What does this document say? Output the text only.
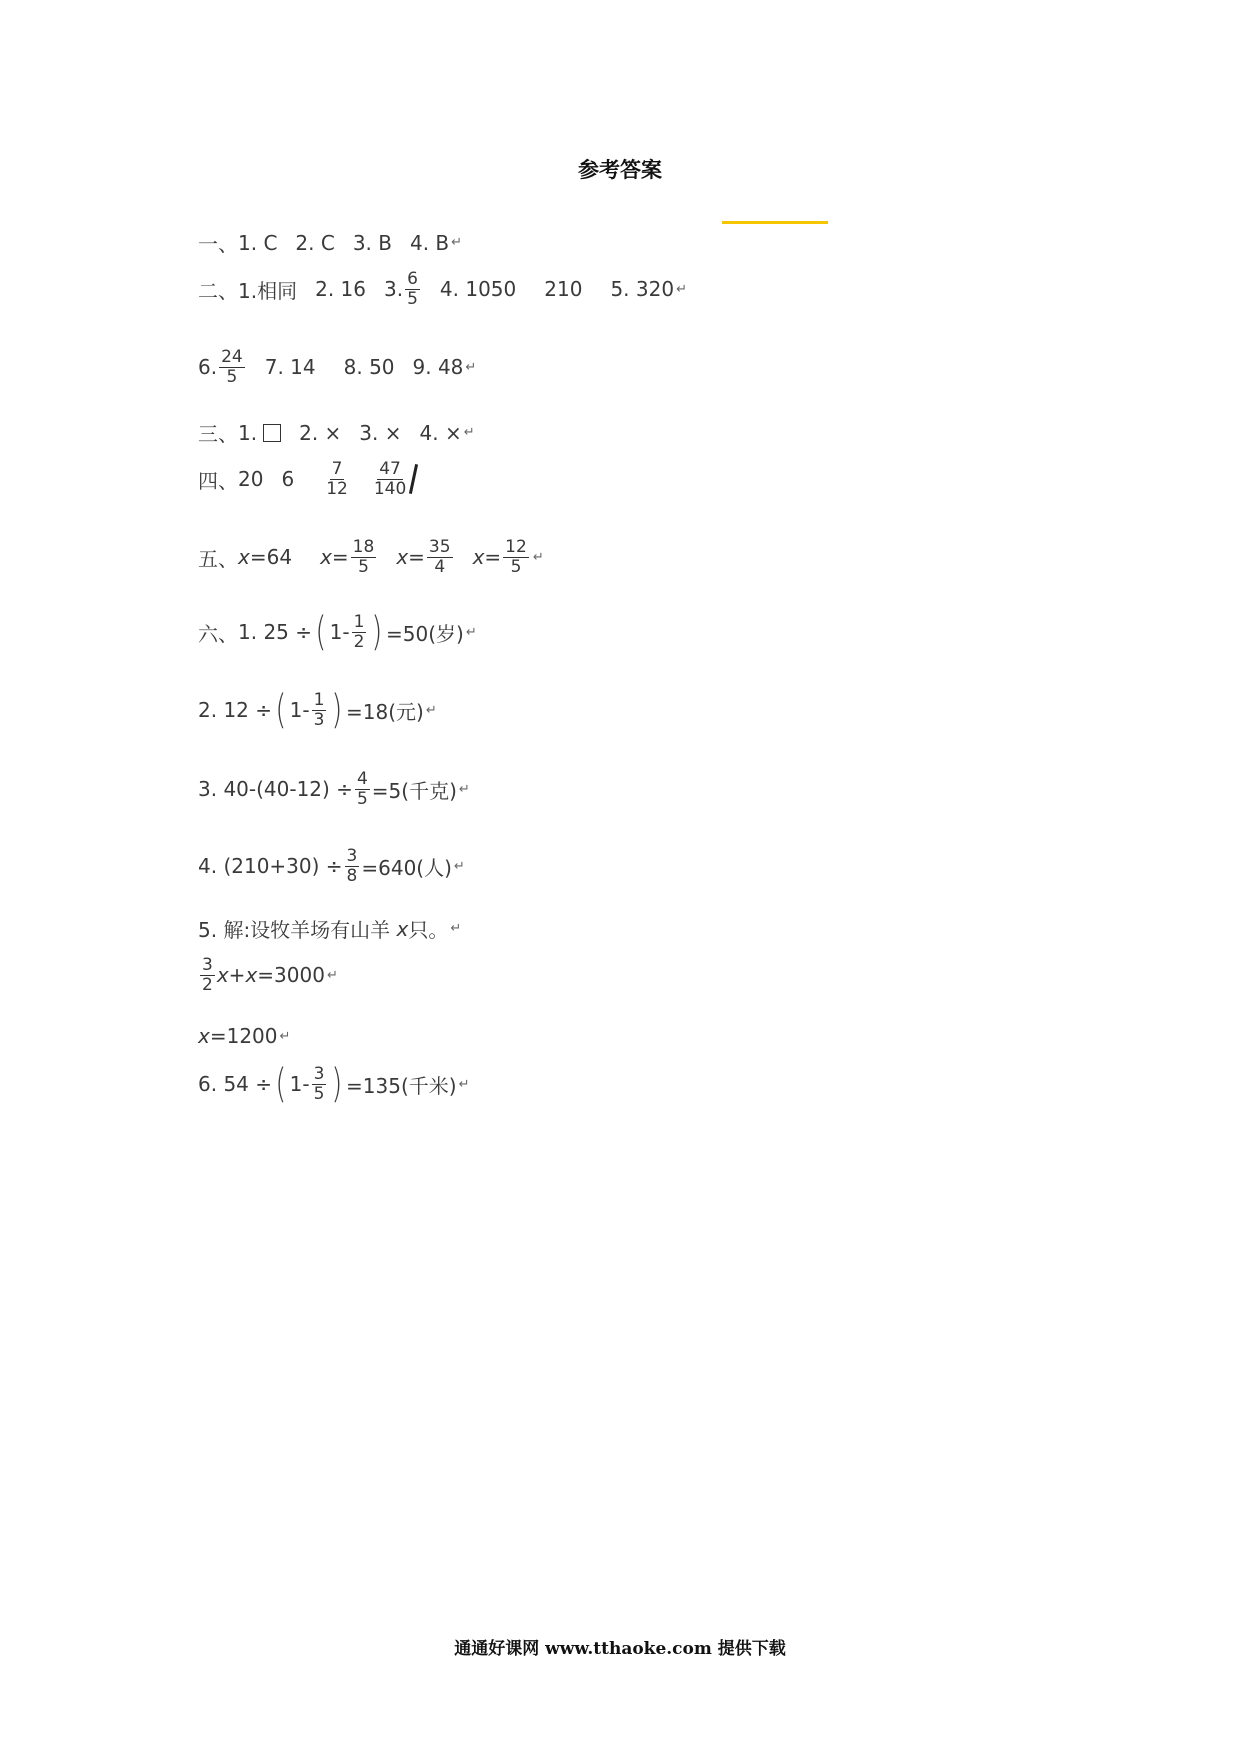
参考答案
一、 1. C 2. C 3. B 4. B ↵
二、 1.相同 2. 16 3. $\frac{6}{5} 4$. 1050 210 5. 320 ↵
6. $\frac{24}{5} 7$. 14 8. 50 9. 48 ↵
三、 1. 2. × 3. × 4. × ↵
四、 20 $6 \frac{7}{12} \frac{47}{140}$
五、 x =64 $x = \frac{18}{5}$ $x = \frac{35}{4}$ $x = \frac{12}{5}$ ↵
六、 1. 25 ÷ ( $1- \frac{1}{2}$ ) =50(岁) ↵
2. 12 ÷ ( $1- \frac{1}{3}$ ) =18(元) ↵
3. $40-(40-12) \div \frac{4}{5} =5$(千克) ↵
4. $(210+30) \div \frac{3}{8} =640$(人) ↵
5. 解:设牧羊场有山羊
x 只。 ↵
$\frac{3}{2}$ x + x =3000 ↵
x =1200 ↵
6. 54 ÷ ( $1- \frac{3}{5}$ ) =135(千米) ↵
通通好课网 www.tthaoke.com 提供下载
